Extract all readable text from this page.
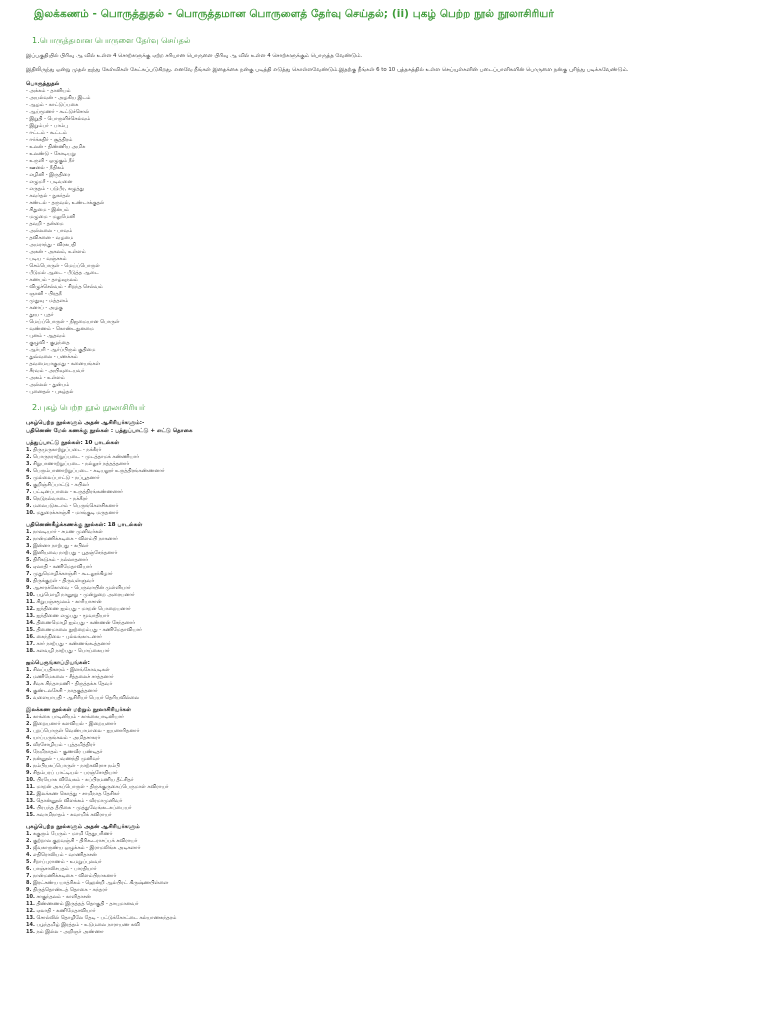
இலக்கணம் - பொருத்துதல் - பொருத்தமான பொருளைத் தேர்வு செய்தல்; (ii) புகழ் பெற்ற நூல் நூலாசிரியர்
1.பொருத்தமான பொருளை தேர்வு செய்தல்

இப்பகுதியில் பிரிவு ஆ வில் உள்ள 4 சொற்களுக்கு ஏற்ற சரியான பொருளை பிரிவு ஆ வில் உள்ள 4 சொற்களுக்கும் பொருத்த வேண்டும்.

இதிலிருந்து ஒன்று முதல் ஐந்து கேள்விகள் கேட்கப்படுகிறது. எனவே நீங்கள் இதைக்கை நன்கு படித்தி எடுத்து கொள்ளவேண்டும்.இதற்கு நீங்கள் 6 to 10 புத்தகத்தில் உள்ள செய்யுள்களின் படைப்பாளிகளின் பொருளை நன்கு புரிந்து படிக்கவேண்டும்.

பொருத்துதல்
- அக்கம் - தானியம்
- அயல்வன் - அழகிய இடம்
- ஆழம் - காட்டுப்பகை
- ஆய்மூணர் - கூட்டுச்சொல்
- இறுதி - பொருளிச்செல்வம்
- இறும்பர் - பாம்பு
- ஈட்டம் - கூட்டம்
- ஈர்க்கதிர் - சூத்திரம்
- உலன் - திண்ணிய அமிசு
- உலண்டு - கோடியறு
- உருளி - ஒழுகும் நீர்
- ஊனல் - நீதிகம்
- எழினி - இருதிரை
- எழுமரீ - படிவனை
- எருதம் - படுபீர, கழுத்து
- கவர்தல் - நுகர்தல்
- சண்டல் - தருவல், உண்டாக்குதல்
- சிதுமை - இன்பம்
- மழுமை - மலுமேனி
- தவறி - தன்மை
- அல்லலை - பாவம்
- தவிசனை - வழமை
- அமராந்து - விரகபதி
- அகன் - அகலம், உள்ளம்
- படிய - வஞ்சகம்
- செம்பொருள் - மெய்ப்பொருள்
- பீடுமல் ஆடை - பீடுத்த ஆடை
- கணபம் - தாழ்வுநலம்
- விழுச்செல்வம் - சிறந்த செல்வம்
- ஞானி - பிரதநீ
- முதுவு - மத்தளம்
- கனாப் - அழகு
- தூய - புதர்
- மெய்ப்பொருள் - நிஜமையான பொருள்
- வண்ணம் - கொண்டதுனமை
- புனம் - ஆதவம்
- குழுவி - குழந்தை
- ஆர்பரி - ஆர்ப்பிரும் குதிமை
- துவ்வலை - பணக்கம்
- தவமையாகுமது - கனையங்கள்
- சீரவம் - அயிவுடையவர்
- அகம் - உள்ளம்
- அல்லல் - துன்பம்
- புனைதல் - புகழ்தல்
2.புகழ் பெற்ற நூல் நூலாசிரியர்
புகழ்பெற்ற நூல்களும் அதன் ஆசிரியர்களும்:-
பதினெண் மேல் கணக்கு நூல்கள் : பத்துப்பாட்டு + எட்டு தொகை
பத்துப்பாட்டு நூல்கள்: 10 பாடல்கள்
1. திருமுருகாற்றுப்படை - நக்கீரர்
2. பொருநராற்றுப்படை - முடத்தாமக் கண்ணியார்
3. சிறுபாணாற்றுப்படை - நல்லூர் நத்தத்தனார்
4. பெரும்பாணாற்றுப்படை - கடியலூர் உருத்திரங்கண்ணனார்
5. முல்லைப்பாட்டு - நப்பூதனார்
6. குறிஞ்சிப்பாட்டு - கபிலர்
7. பட்டினப்பாலை - உருத்திரங்கண்ணனார்
8. நெடுநல்வாடை - நக்கீரர்
9. மலைபடுகடாம் - பெருங்கௌசிகனார்
10. மதுரைக்காஞ்சி - மாங்குடி மருதனார்
பதினெண்கீழ்க்கணக்கு நூல்கள்: 18 பாடல்கள்
1. நாலடியார் - சமண முனிவர்கள்
2. நான்மணிக்கடிகை - விளம்பி நாகனார்
3. இன்னா நாற்பது - கபிலர்
4. இனியவை நாற்பது - பூதஞ்சேந்தனார்
5. திரிகடுகம் - நல்லாதனார்
6. ஏலாதி - கணிமேதாவியார்
7. முதுமொழிக்காஞ்சி - கூடலூர்கிழார்
8. திருக்குறள் - திருவள்ளுவர்
9. ஆசாரக்கோவை - பெருவாயின் முள்ளியார்
10. பழமொழி நானூறு - முன்றுறை அரையனார்
11. சிறுபஞ்சமூலம் - காரியாசான்
12. ஐந்திணை ஐம்பது - மாறன் பொறையனார்
13. ஐந்திணை எழுபது - மூவாதியார்
14. திணைமொழி ஐம்பது - கண்ணன் சேந்தனார்
15. திணைமாலை நூற்றைம்பது - கணிமேதாவியார்
16. கைந்நிலை - புல்லங்காடனார்
17. கார் நாற்பது - கண்ணங்கூத்தனார்
18. களவழி நாற்பது - பொய்கையார்
ஐம்பெருங்காப்பியங்கள்:
1. சிலப்பதிகாரம் - இளங்கோவடிகள்
2. மணிமேகலை - சீத்தலைச் சாத்தனார்
3. சீவக சிந்தாமணி - திருத்தக்க தேவர்
4. குண்டலகேசி - நாதகுத்தனார்
5. வளையாபதி - ஆசிரியர் பெயர் தெரியவில்லை
இலக்கண நூல்கள் மற்றும் நூலாசிரியர்கள்
1. காக்கை பாடினியம் - காக்கைபாடினியார்
2. இறையனார் களவியல் - இறையனார்
3. புறப்பொருள் வெண்பாமாலை - ஐயனாரிதனார்
4. யாப்பருங்கலம் - அமிதசாகரர்
5. வீரசோழியம் - புத்தமித்திரர்
6. நேமிநாதம் - குணவீர பண்டிதர்
7. நன்னூல் - பவணந்தி முனிவர்
8. நம்பியகப்பொருள் - நாற்கவிராச நம்பி
9. சிதம்பரப் பாட்டியல் - பரஞ்சோதியார்
10. பிரயோக விவேகம் - சுப்பிரமணிய தீட்சிதர்
11. மாறன் அகப்பொருள் - திருக்குருகைப்பெருமாள் கவிராயர்
12. இலக்கண கொத்து - சாமிநாத தேசிகர்
13. தொன்னூல் விளக்கம் - வீரமாமுனிவர்
14. பிரபந்த தீபிகை - முத்துவேங்கடசுப்பையர்
15. சுவாமிநாதம் - சுவாமிக் கவிராயர்
புகழ்பெற்ற நூல்களும் அதன் ஆசிரியர்களும்
1. சுகுரும் பேரும் - மாமி தேதுபரிணர்
2. குற்றால குறவஞ்சி - திரிகூடராசப்பக் கவிராயர்
3. ஜீவகாருண்ய ஒழுக்கம் - இராமலிங்க அடிகளார்
4. எதிரொலியம் - வாணிதாசன்
5. சீறாப்புராணம் - உமறுப்புலவர்
6. பாஞ்சாலிசபதம் - பாரதியார்
7. நான்மணிக்கடிகை - விளம்பிநாகனார்
8. இரட்சண்ய யாத்ரிகம் - ஹென்றி ஆல்பிரட் கிருஷ்ணபிள்ளை
9. திருத்தொண்டத் தொகை - சுந்தரர்
10. சாகுந்தலம் - காளிதாசன்
11. திண்ணணம் இருத்தத் தொகுதி - தாயுமானவர்
12. ஏலாதி - கணிமேதாவியார்
13. சொல்லில் தொழிலே தேடி - பட்டுக்கோட்டை கல்யாணசுந்தரம்
14. பழந்தமிழ் இரத்தம் - உடுமலை நாராயண கவி
15. நம் இல்ல - அறிஞர் அண்ணா
